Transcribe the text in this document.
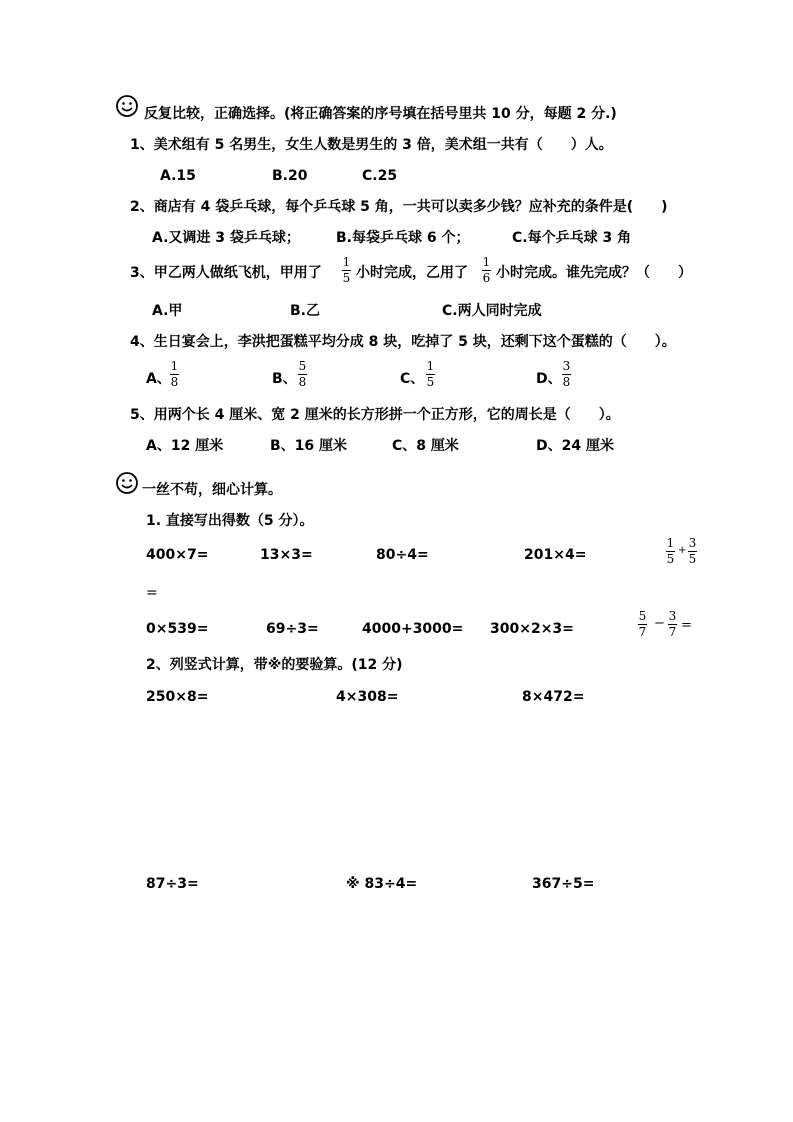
反复比较，正确选择。(将正确答案的序号填在括号里共 10 分，每题 2 分.)
1、美术组有 5 名男生，女生人数是男生的 3 倍，美术组一共有（　　）人。
A.15	B.20	C.25
2、商店有 4 袋乒乓球，每个乒乓球 5 角，一共可以卖多少钱？应补充的条件是(　　)
A.又调进 3 袋乒乓球；	B.每袋乒乓球 6 个；	C.每个乒乓球 3 角
3、甲乙两人做纸飞机，甲用了
1
5 小时完成，乙用了
1
6 小时完成。谁先完成？（　　）
A.甲	B.乙	C.两人同时完成
4、生日宴会上，李洪把蛋糕平均分成 8 块，吃掉了 5 块，还剩下这个蛋糕的（　　）。
A、
1
8	B、
5
8	C、
1
5	D、
3
8
5、用两个长 4 厘米、宽 2 厘米的长方形拼一个正方形，它的周长是（　　）。
A、12 厘米	B、16 厘米	C、8 厘米	D、24 厘米
一丝不苟，细心计算。
1. 直接写出得数（5 分）。
400×7=	13×3=	80÷4=	201×4=
1
5
+
3
5
=
0×539=	69÷3=	4000+3000= 300×2×3=
5
7
− 3
7 =
2、列竖式计算，带※的要验算。(12 分)
250×8=	4×308=	8×472=
87÷3=	※ 83÷4=	367÷5=
